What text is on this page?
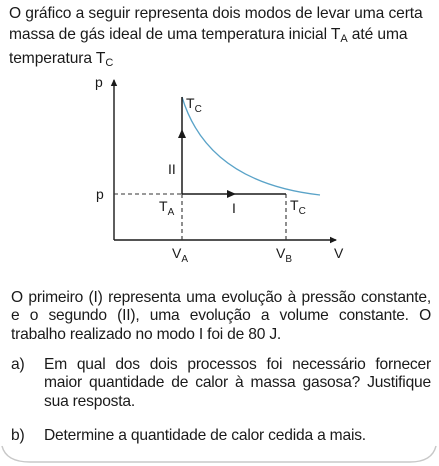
O gráfico a seguir representa dois modos de levar uma certa massa de gás ideal de uma temperatura inicial $T_A$ até uma temperatura $T_C$
p
V
p
$T_C$
II
$T_A$	I	$T_C$
$V_A$	$V_B$
O primeiro (I) representa uma evolução à pressão constante, e o segundo (II), uma evolução a volume constante. O trabalho realizado no modo I foi de 80 J.
a) Em qual dos dois processos foi necessário fornecer maior quantidade de calor à massa gasosa? Justifique sua resposta.
b) Determine a quantidade de calor cedida a mais.
